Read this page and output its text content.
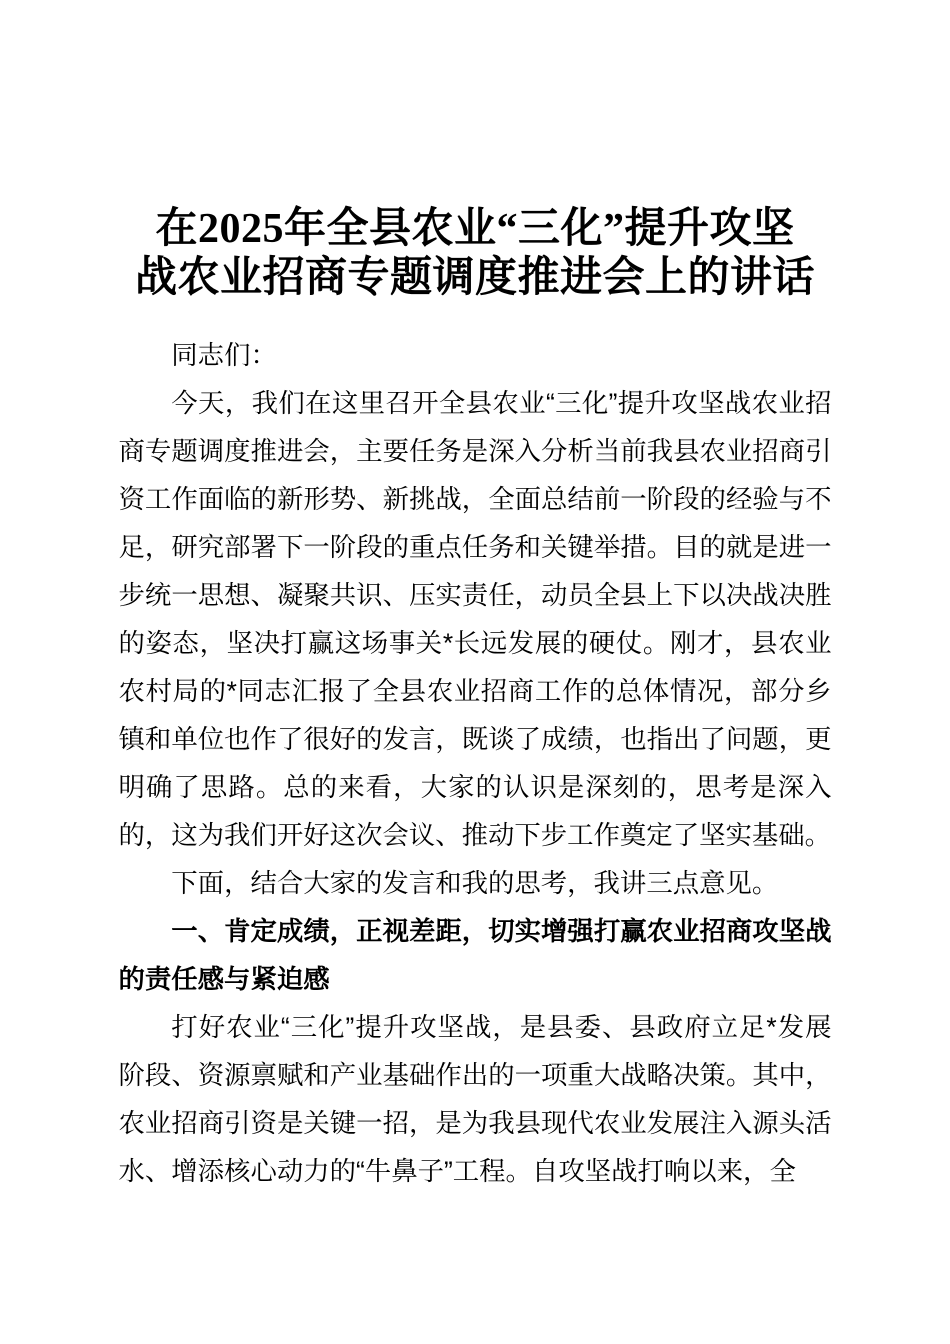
在2025年全县农业“三化”提升攻坚
战农业招商专题调度推进会上的讲话

同志们：

今天，我们在这里召开全县农业“三化”提升攻坚战农业招商专题调度推进会，主要任务是深入分析当前我县农业招商引资工作面临的新形势、新挑战，全面总结前一阶段的经验与不足，研究部署下一阶段的重点任务和关键举措。目的就是进一步统一思想、凝聚共识、压实责任，动员全县上下以决战决胜的姿态，坚决打赢这场事关*长远发展的硬仗。刚才，县农业农村局的*同志汇报了全县农业招商工作的总体情况，部分乡镇和单位也作了很好的发言，既谈了成绩，也指出了问题，更明确了思路。总的来看，大家的认识是深刻的，思考是深入的，这为我们开好这次会议、推动下步工作奠定了坚实基础。

下面，结合大家的发言和我的思考，我讲三点意见。

一、肯定成绩，正视差距，切实增强打赢农业招商攻坚战的责任感与紧迫感

打好农业“三化”提升攻坚战，是县委、县政府立足*发展阶段、资源禀赋和产业基础作出的一项重大战略决策。其中，农业招商引资是关键一招，是为我县现代农业发展注入源头活水、增添核心动力的“牛鼻子”工程。自攻坚战打响以来，全
